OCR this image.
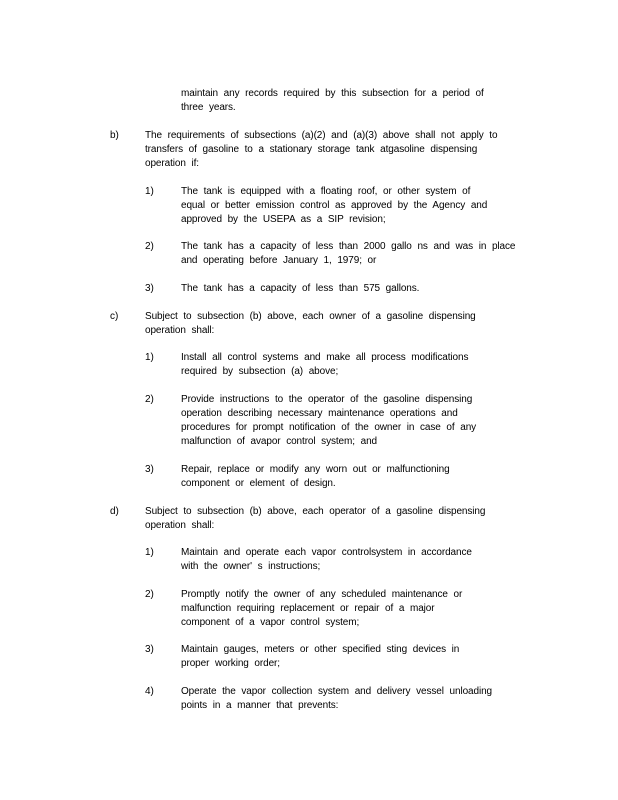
maintain any records required by this subsection for a period of
three years.
b)	The requirements of subsections (a)(2) and (a)(3) above shall not apply to
transfers of gasoline to a stationary storage tank atgasoline dispensing
operation if:
1)	The tank is equipped with a floating roof, or other system of
equal or better emission control as approved by the Agency and
approved by the USEPA as a SIP revision;
2)	The tank has a capacity of less than 2000 gallo ns and was in place
and operating before January 1, 1979; or
3)	The tank has a capacity of less than 575 gallons.
c)	Subject to subsection (b) above, each owner of a gasoline dispensing
operation shall:
1)	Install all control systems and make all process modifications
required by subsection (a) above;
2)	Provide instructions to the operator of the gasoline dispensing
operation describing necessary maintenance operations and
procedures for prompt notification of the owner in case of any
malfunction of avapor control system; and
3)	Repair, replace or modify any worn out or malfunctioning
component or element of design.
d)	Subject to subsection (b) above, each operator of a gasoline dispensing
operation shall:
1)	Maintain and operate each vapor controlsystem in accordance
with the owner' s instructions;
2)	Promptly notify the owner of any scheduled maintenance or
malfunction requiring replacement or repair of a major
component of a vapor control system;
3)	Maintain gauges, meters or other specified sting devices in
proper working order;
4)	Operate the vapor collection system and delivery vessel unloading
points in a manner that prevents:
